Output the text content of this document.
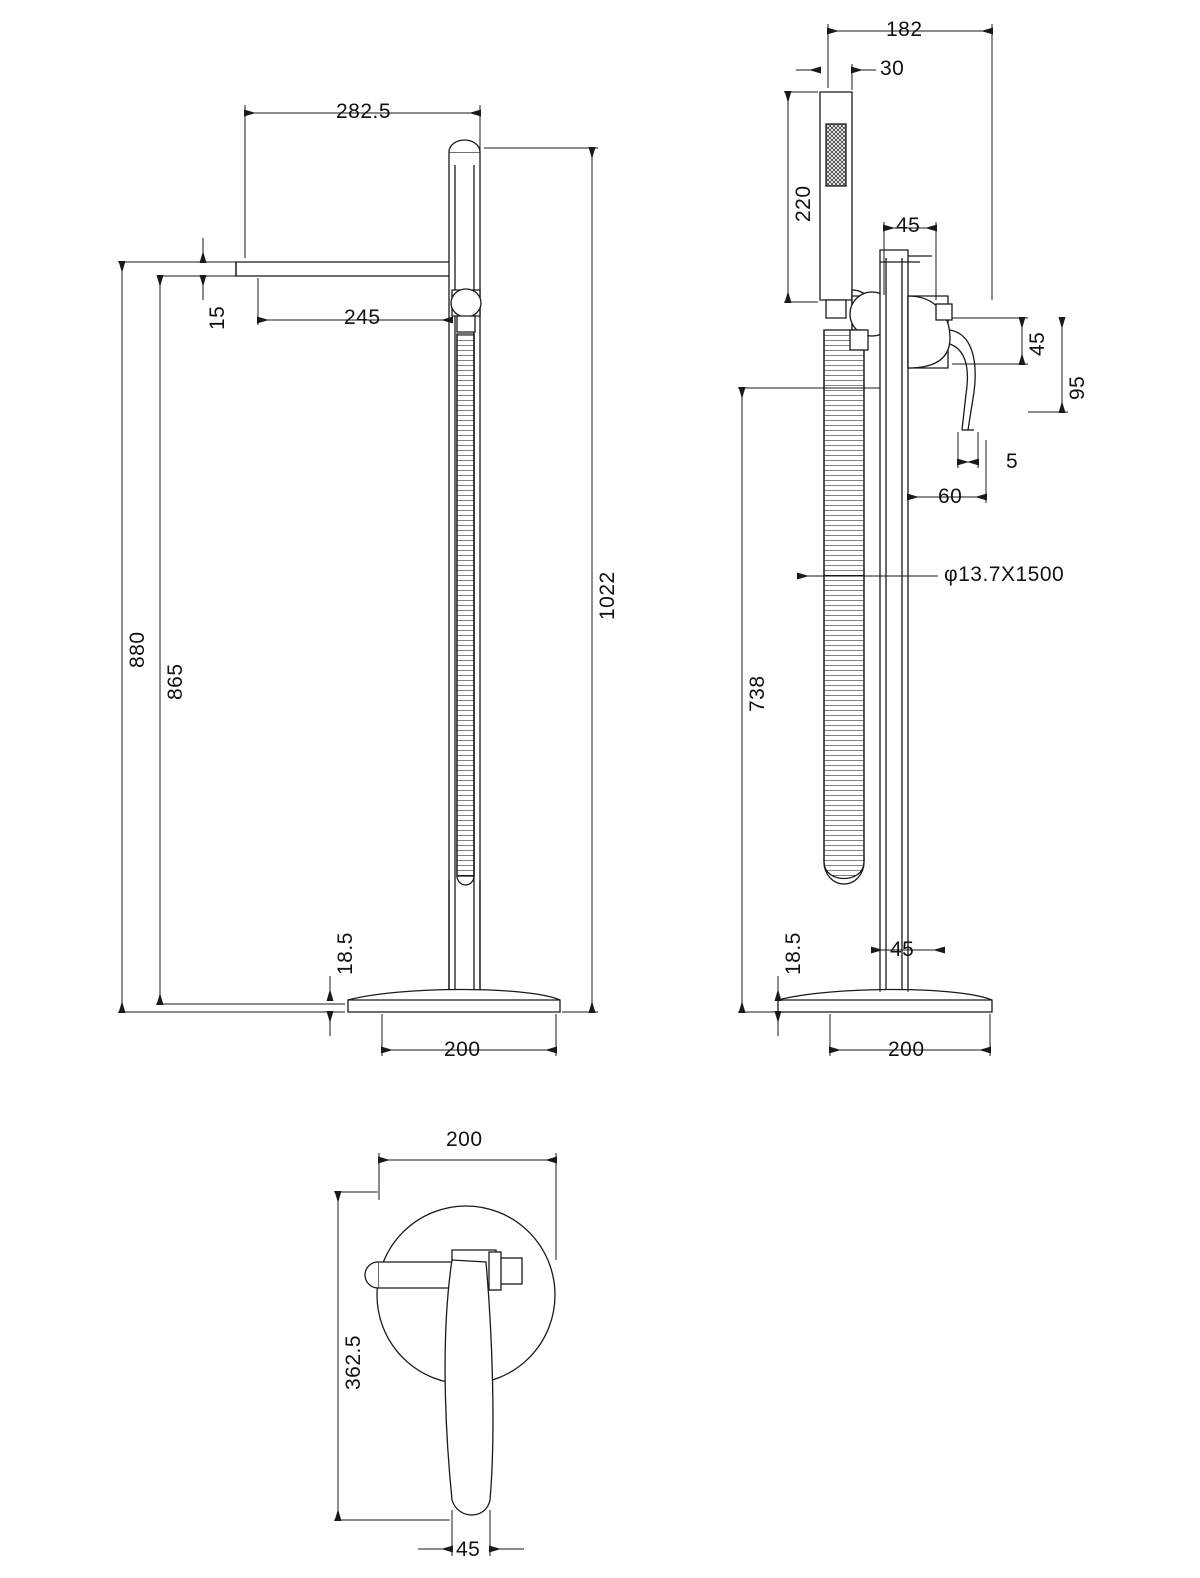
282.5
15	245
1022
880
865
18.5
200
182
30
220
45
45
95
5
60
φ13.7X1500
738
18.5	45
200
200
362.5
45
